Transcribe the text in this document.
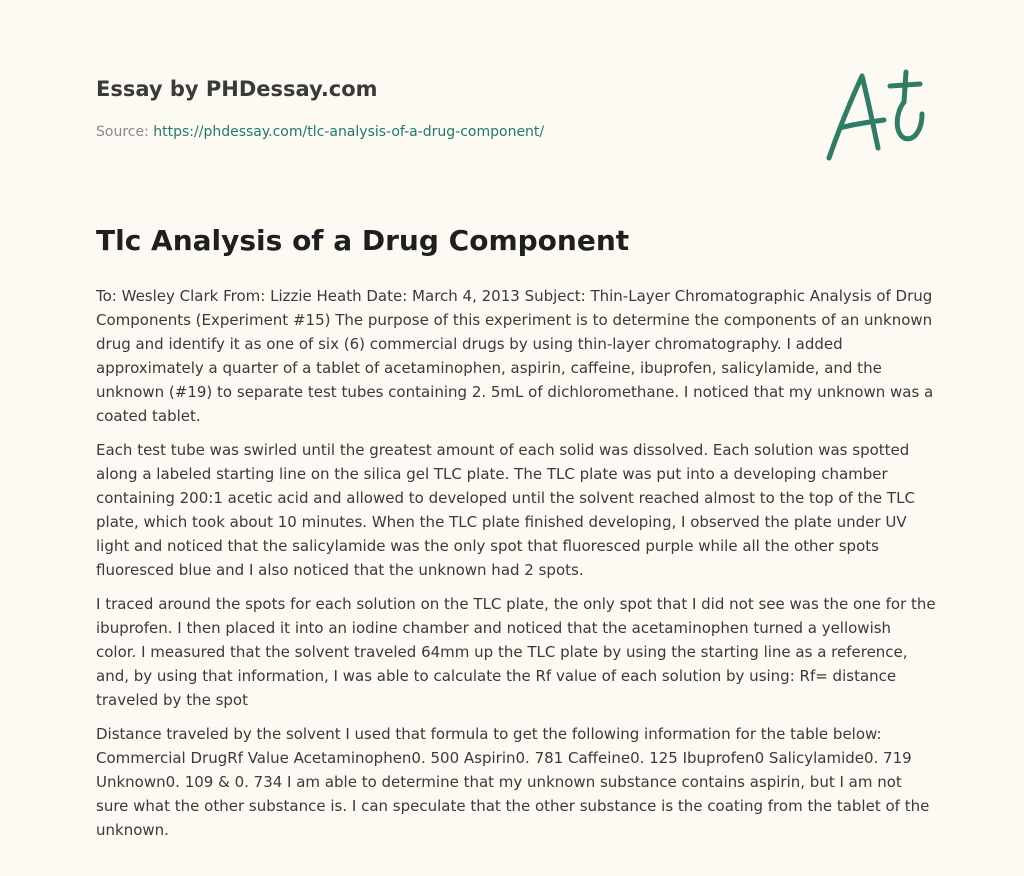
Essay by PHDessay.com
Source: https://phdessay.com/tlc-analysis-of-a-drug-component/
Tlc Analysis of a Drug Component

To: Wesley Clark From: Lizzie Heath Date: March 4, 2013 Subject: Thin-Layer Chromatographic Analysis of Drug Components (Experiment #15) The purpose of this experiment is to determine the components of an unknown drug and identify it as one of six (6) commercial drugs by using thin-layer chromatography. I added approximately a quarter of a tablet of acetaminophen, aspirin, caffeine, ibuprofen, salicylamide, and the unknown (#19) to separate test tubes containing 2. 5mL of dichloromethane. I noticed that my unknown was a coated tablet.

Each test tube was swirled until the greatest amount of each solid was dissolved. Each solution was spotted along a labeled starting line on the silica gel TLC plate. The TLC plate was put into a developing chamber containing 200:1 acetic acid and allowed to developed until the solvent reached almost to the top of the TLC plate, which took about 10 minutes. When the TLC plate finished developing, I observed the plate under UV light and noticed that the salicylamide was the only spot that fluoresced purple while all the other spots fluoresced blue and I also noticed that the unknown had 2 spots.

I traced around the spots for each solution on the TLC plate, the only spot that I did not see was the one for the ibuprofen. I then placed it into an iodine chamber and noticed that the acetaminophen turned a yellowish color. I measured that the solvent traveled 64mm up the TLC plate by using the starting line as a reference, and, by using that information, I was able to calculate the Rf value of each solution by using: Rf= distance traveled by the spot

Distance traveled by the solvent I used that formula to get the following information for the table below: Commercial DrugRf Value Acetaminophen0. 500 Aspirin0. 781 Caffeine0. 125 Ibuprofen0 Salicylamide0. 719 Unknown0. 109 & 0. 734 I am able to determine that my unknown substance contains aspirin, but I am not sure what the other substance is. I can speculate that the other substance is the coating from the tablet of the unknown.
